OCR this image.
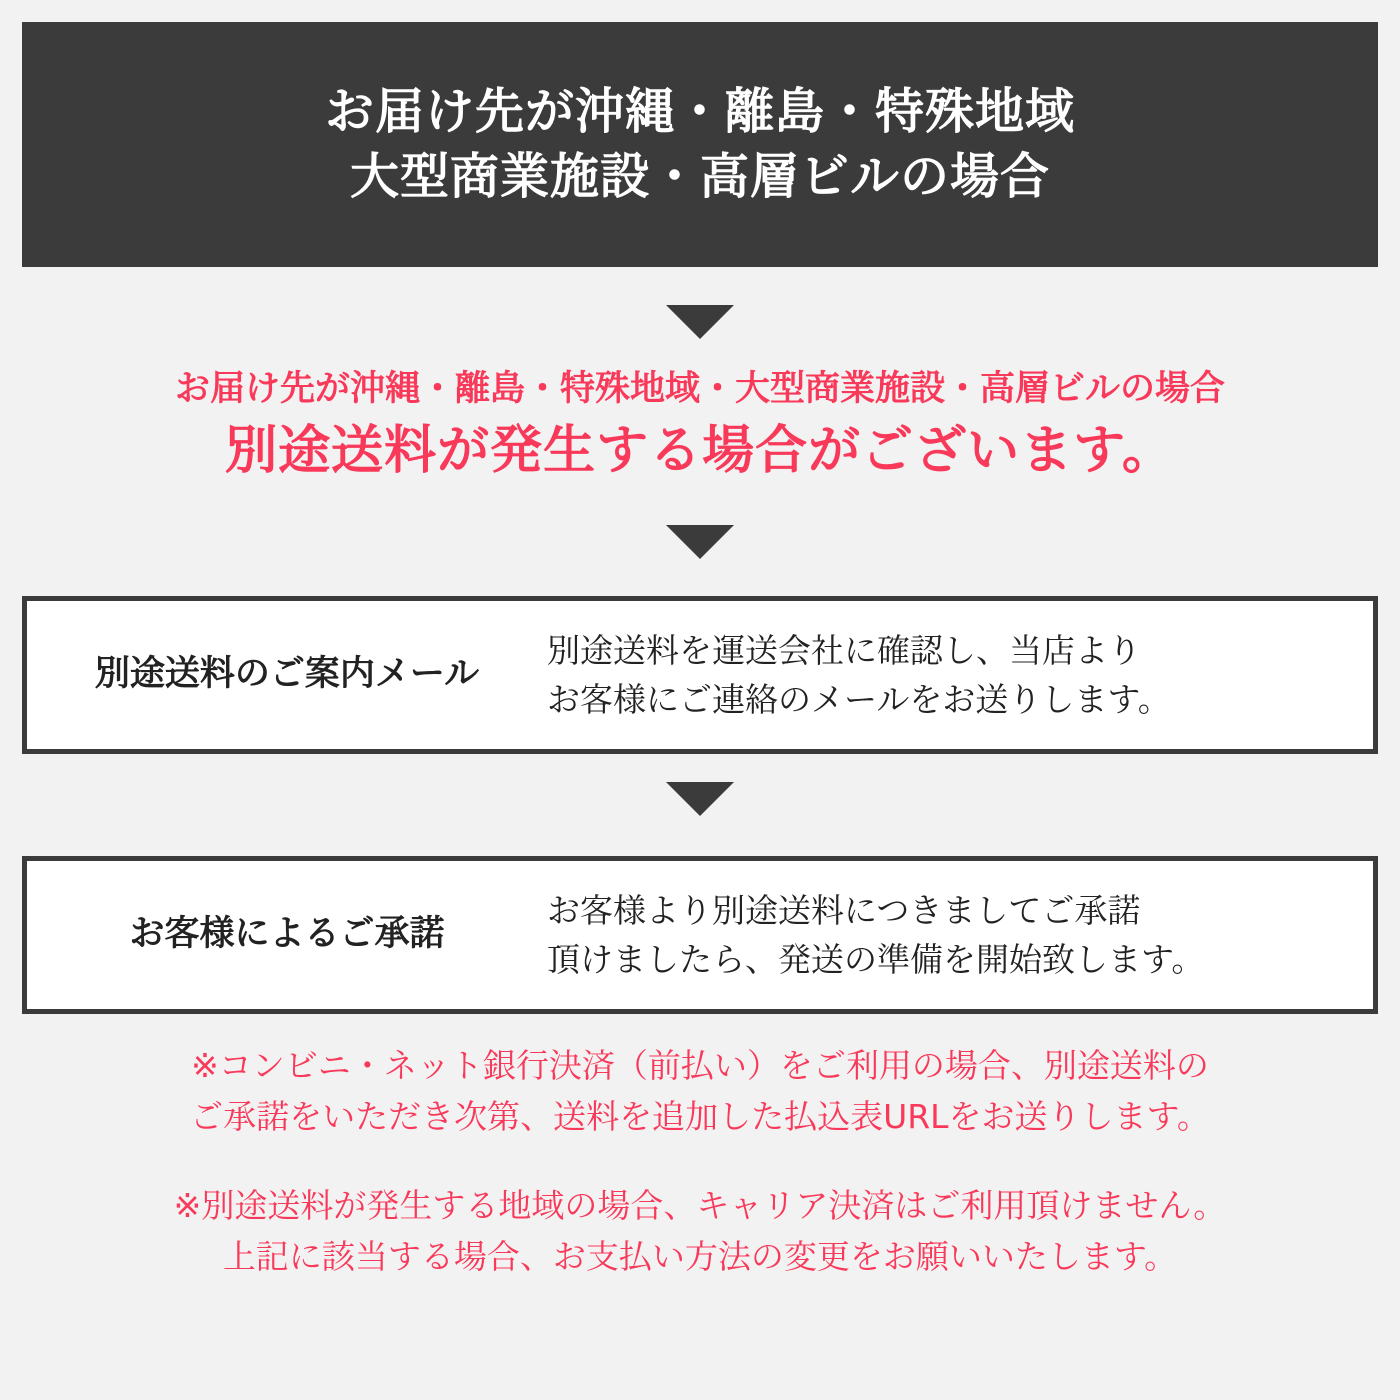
お届け先が沖縄・離島・特殊地域
大型商業施設・高層ビルの場合
お届け先が沖縄・離島・特殊地域・大型商業施設・高層ビルの場合
別途送料が発生する場合がございます。
別途送料のご案内メール
別途送料を運送会社に確認し、当店より
お客様にご連絡のメールをお送りします。
お客様によるご承諾
お客様より別途送料につきましてご承諾
頂けましたら、発送の準備を開始致します。
※コンビニ・ネット銀行決済（前払い）をご利用の場合、別途送料の
ご承諾をいただき次第、送料を追加した払込表URLをお送りします。
※別途送料が発生する地域の場合、キャリア決済はご利用頂けません。
上記に該当する場合、お支払い方法の変更をお願いいたします。
